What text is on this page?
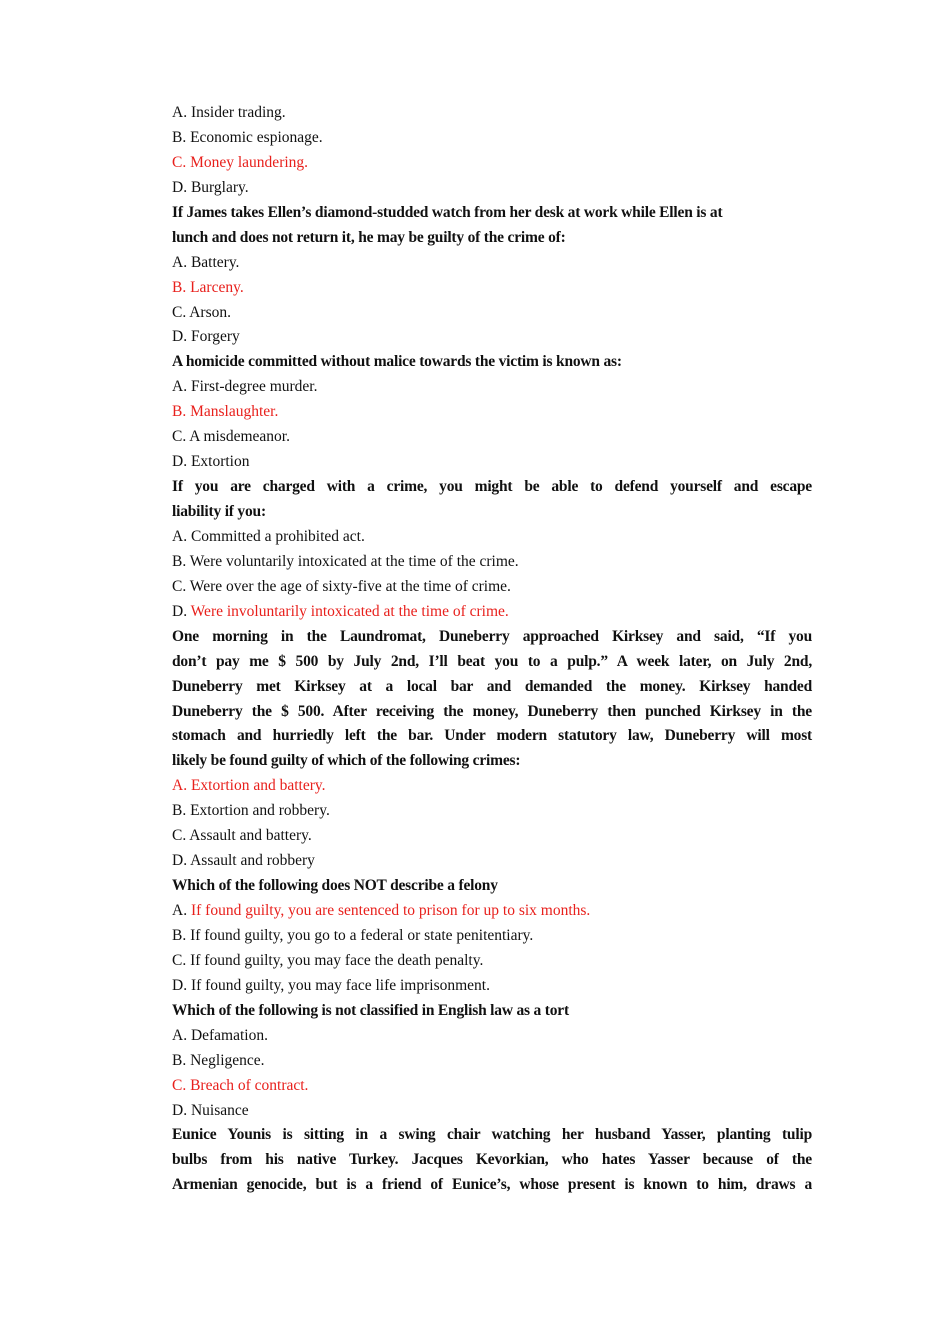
A. Insider trading.
B. Economic espionage.
C. Money laundering.
D. Burglary.
If James takes Ellen’s diamond-studded watch from her desk at work while Ellen is at
lunch and does not return it, he may be guilty of the crime of:
A. Battery.
B. Larceny.
C. Arson.
D. Forgery
A homicide committed without malice towards the victim is known as:
A. First-degree murder.
B. Manslaughter.
C. A misdemeanor.
D. Extortion
If you are charged with a crime, you might be able to defend yourself and escape
liability if you:
A. Committed a prohibited act.
B. Were voluntarily intoxicated at the time of the crime.
C. Were over the age of sixty-five at the time of crime.
D. Were involuntarily intoxicated at the time of crime.
One morning in the Laundromat, Duneberry approached Kirksey and said, “If you
don’t pay me $ 500 by July 2nd, I’ll beat you to a pulp.” A week later, on July 2nd,
Duneberry met Kirksey at a local bar and demanded the money. Kirksey handed
Duneberry the $ 500. After receiving the money, Duneberry then punched Kirksey in the
stomach and hurriedly left the bar. Under modern statutory law, Duneberry will most
likely be found guilty of which of the following crimes:
A. Extortion and battery.
B. Extortion and robbery.
C. Assault and battery.
D. Assault and robbery
Which of the following does NOT describe a felony
A. If found guilty, you are sentenced to prison for up to six months.
B. If found guilty, you go to a federal or state penitentiary.
C. If found guilty, you may face the death penalty.
D. If found guilty, you may face life imprisonment.
Which of the following is not classified in English law as a tort
A. Defamation.
B. Negligence.
C. Breach of contract.
D. Nuisance
Eunice Younis is sitting in a swing chair watching her husband Yasser, planting tulip
bulbs from his native Turkey. Jacques Kevorkian, who hates Yasser because of the
Armenian genocide, but is a friend of Eunice’s, whose present is known to him, draws a
